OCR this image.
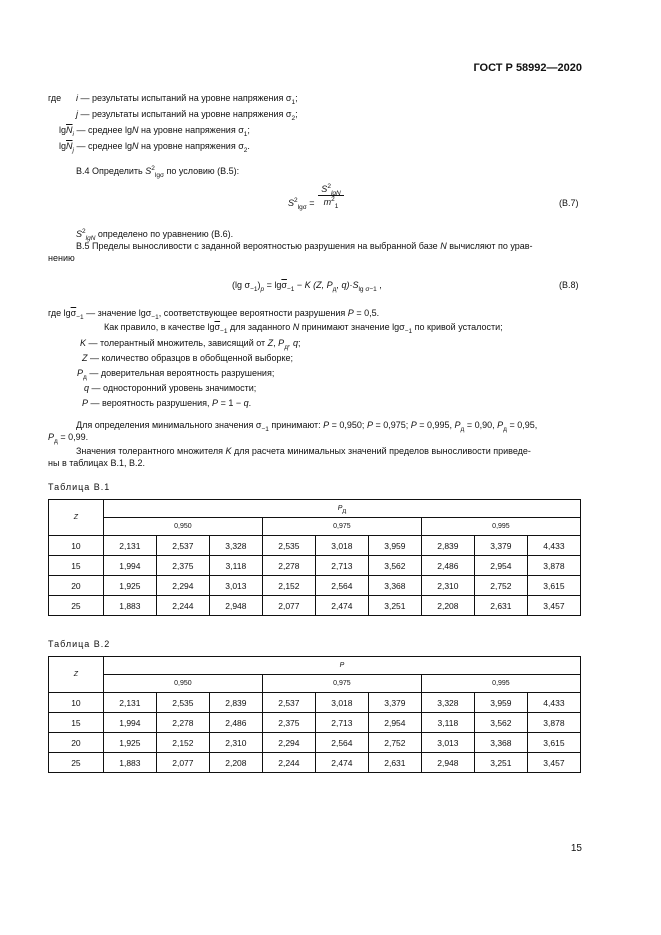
ГОСТ Р 58992—2020
где i — результаты испытаний на уровне напряжения $\sigma_1$;
j — результаты испытаний на уровне напряжения $\sigma_2$;
$\lg\overline{N}_i$ — среднее lgN на уровне напряжения $\sigma_1$;
$\lg\overline{N}_j$ — среднее lgN на уровне напряжения $\sigma_2$.
B.4 Определить $S^2_{lg\sigma}$ по условию (B.5):
$S^2_{lg\sigma}$ =
$S^2_{lgN}$
$m^2_1$	(B.7)
$S^2_{lgN}$ определено по уравнению (B.6).
B.5 Пределы выносливости с заданной вероятностью разрушения на выбранной базе N вычисляют по урав-
нению
(lg $\sigma_{-1})_p = \lg\overline{\sigma}_{-1} - K$ (Z, $P_д$, $q)\cdot S_{lg \sigma-1}$ ,	(B.8)
где $\lg\overline{\sigma}_{-1}$ — значение lgσ$_{-1}$, соответствующее вероятности разрушения P = 0,5.
Как правило, в качестве $\lg\overline{\sigma}_{-1}$ для заданного N принимают значение lgσ$_{-1}$ по кривой усталости;
K — толерантный множитель, зависящий от Z, $P_д$, q;
Z — количество образцов в обобщенной выборке;
$P_д$ — доверительная вероятность разрушения;
q — односторонний уровень значимости;
P — вероятность разрушения, P = 1 − q.
Для определения минимального значения $\sigma_{-1}$ принимают: P = 0,950; P = 0,975; P = 0,995, $P_д = 0,90$, $P_д = 0,95$,
$P_д = 0,99$.
Значения толерантного множителя K для расчета минимальных значений пределов выносливости приведе-
ны в таблицах B.1, B.2.
Таблица B.1
Z	$P_д$
	0,950			0,975			0,995		
10	2,131	2,537	3,328	2,535	3,018	3,959	2,839	3,379	4,433
15	1,994	2,375	3,118	2,278	2,713	3,562	2,486	2,954	3,878
20	1,925	2,294	3,013	2,152	2,564	3,368	2,310	2,752	3,615
25	1,883	2,244	2,948	2,077	2,474	3,251	2,208	2,631	3,457
Таблица B.2
Z	P								
	0,950			0,975			0,995		
10	2,131	2,535	2,839	2,537	3,018	3,379	3,328	3,959	4,433
15	1,994	2,278	2,486	2,375	2,713	2,954	3,118	3,562	3,878
20	1,925	2,152	2,310	2,294	2,564	2,752	3,013	3,368	3,615
25	1,883	2,077	2,208	2,244	2,474	2,631	2,948	3,251	3,457
15
